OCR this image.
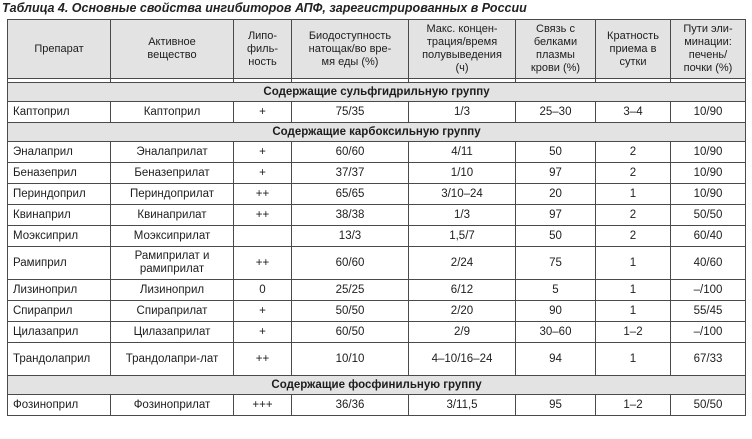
Таблица 4. Основные свойства ингибиторов АПФ, зарегистрированных в России
Препарат	Активное
вещество	Липо-
филь-
ность	Биодоступность
натощак/во вре-
мя еды (%)	Макс. концен-
трация/время
полувыведения
(ч)	Связь с
белками
плазмы
крови (%)	Кратность
приема в
сутки	Пути эли-
минации:
печень/
почки (%)

Содержащие сульфгидрильную группу							
Каптоприл	Каптоприл	+	75/35	1/3	25–30	3–4	10/90
Содержащие карбоксильную группу							
Эналаприл	Эналаприлат	+	60/60	4/11	50	2	10/90
Беназеприл	Беназеприлат	+	37/37	1/10	97	2	10/90
Периндоприл	Периндоприлат	++	65/65	3/10–24	20	1	10/90
Квинаприл	Квинаприлат	++	38/38	1/3	97	2	50/50
Моэксиприл	Моэксиприлат		13/3	1,5/7	50	2	60/40
Рамиприл	Рамиприлат и рамиприлат	++	60/60	2/24	75	1	40/60
Лизиноприл	Лизиноприл	0	25/25	6/12	5	1	–/100
Спираприл	Спираприлат	+	50/50	2/20	90	1	55/45
Цилазаприл	Цилазаприлат	+	60/50	2/9	30–60	1–2	–/100
Трандолаприл	Трандолапри-лат	++	10/10	4–10/16–24	94	1	67/33
Содержащие фосфинильную группу							
Фозиноприл	Фозиноприлат	+++	36/36	3/11,5	95	1–2	50/50
